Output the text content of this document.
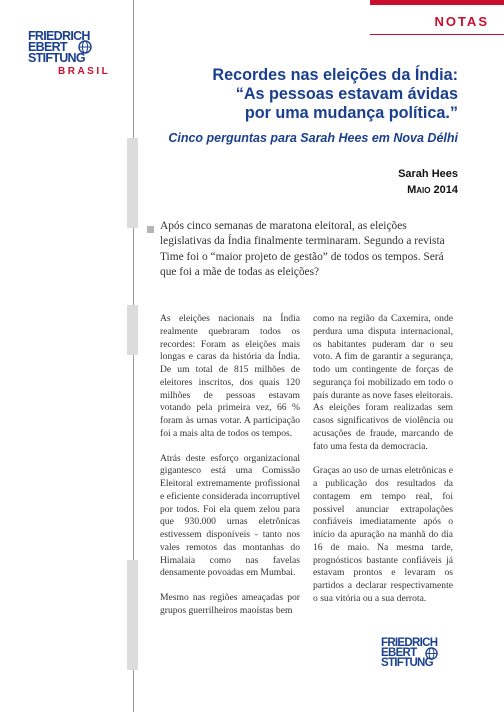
NOTAS
FRIEDRICH
EBERT
STIFTUNG
BRASIL	Recordes nas eleições da Índia:
“As pessoas estavam ávidas
por uma mudança política.”
Cinco perguntas para Sarah Hees em Nova Délhi
Sarah Hees
Maio 2014
Após cinco semanas de maratona eleitoral, as eleições legislativas da Índia finalmente terminaram. Segundo a revista Time foi o “maior projeto de gestão” de todos os tempos. Será que foi a mãe de todas as eleições?

As eleições nacionais na Índia realmente quebraram todos os recordes: Foram as eleições mais longas e caras da história da Índia. De um total de 815 milhões de eleitores inscritos, dos quais 120 milhões de pessoas estavam votando pela primeira vez, 66 % foram às urnas votar. A participação foi a mais alta de todos os tempos.

Atrás deste esforço organizacional gigantesco está uma Comissão Eleitoral extremamente profissional e eficiente considerada incorruptível por todos. Foi ela quem zelou para que 930.000 urnas eletrônicas estivessem disponíveis - tanto nos vales remotos das montanhas do Himalaia como nas favelas densamente povoadas em Mumbai.

Mesmo nas regiões ameaçadas por grupos guerrilheiros maoístas bem

como na região da Caxemira, onde perdura uma disputa internacional, os habitantes puderam dar o seu voto. A fim de garantir a segurança, todo um contingente de forças de segurança foi mobilizado em todo o país durante as nove fases eleitorais. As eleições foram realizadas sem casos significativos de violência ou acusações de fraude, marcando de fato uma festa da democracia.

Graças ao uso de urnas eletrônicas e a publicação dos resultados da contagem em tempo real, foi possível anunciar extrapolações confiáveis imediatamente após o início da apuração na manhã do dia 16 de maio. Na mesma tarde, prognósticos bastante confiáveis já estavam prontos e levaram os partidos a declarar respectivamente o sua vitória ou a sua derrota.

FRIEDRICH
EBERT
STIFTUNG
